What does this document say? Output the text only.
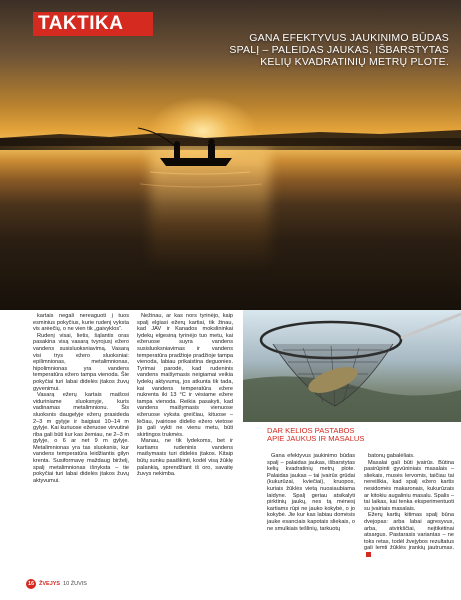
TAKTIKA
GANA EFEKTYVUS JAUKINIMO BŪDAS SPALĮ – PALEIDAS JAUKAS, IŠBARSTYTAS KELIŲ KVADRATINIŲ METRŲ PLOTE.

kartais negali nereaguoti į tuos esminius pokyčius, kurie rudenį vyksta vis arėečių, o ne vien tik „gaivyklos“.

Rudenį visai, lietis, šąlantis oras pasakina visą vasarą tvyrojusį ežero vandens susisluoksniavimą. Vasarą visi trys ežero sluoksniai: epilimnionas, metalimnionas, hipolimnionas yra vandens temperatūra ežero tampa vienoda. Šie pokyčiai turi labai didelės įtakos žuvų gyvenimui.

Vasarą ežerų kartais maišosi viduriniame sluoksnyje, kuris vadinamas metalimnionu. Šis sluoksnis daugelyje ežerų prasideda 2–3 m gylyje ir baigiasi 10–14 m gylyje. Kai kuriuose ežeruose virvutinė riba gali būti kur kas žemiau, ne 2–3 m gylyje, o 6 ar net 9 m gylyje. Metalimnionas yra tas sluoksnis, kur vandens temperatūra leidžiantis gilyn krenta. Susiformavę maždaug birželį, spalį metalimnionas išnyksta – tie pokyčiai turi labai didelės įtakos žuvų aktyvumui.

Nežinau, ar kas nors tyrinėjo, kaip spalį elgiasi ežerų kartiai, tik žinau, kad JAV ir Kanados mokslininkai lydekų elgesiną tyrinėjo tuo metu, kai ežeruose suyra vandens susisluoksniavimas ir vandens temperatūra pradžioje pradžioje tampa vienoda, labiau prikaistina deguonies. Tyrimai parodė, kad rudeninis vandens maišymasis neigiamai veikia lydekų aktyvumą, jos atkunta tik tada, kai vandens temperatūra ežere nukrenta iki 13 °C ir vėsiame ežere tampa vienoda. Reikia pasakyti, kad vandens maišymasis vienuose ežeruose vyksta greičiau, kituose – lėčiau, įvairiose didelio ežero vietose jis gali vykti ne vienu metu, būti skirtingos trukmės.

Manau, ne tik lydekoms, bet ir kartiams rudeninis vandens maišymasis turi didelės įtakos. Kitaip būtų sunku paaiškinti, kodėl visą žūklę palankią, sprendžiant iš oro, savaitę žuvys nekimba.

DAR KELIOS PASTABOS APIE JAUKUS IR MASALUS

Gana efektyvus jaukinimo būdas spalį – palaidas jaukas, išbarstytas kelių kvadratinių metrų plote. Palaidas jaukas – tai įvairūs grūdai (kukurūzai, kviečiai), kruopos, kuriais žūklės vietą nuosiaubiama laidyne. Spalį geriau atsikalyti pirktinių jaukų, nes tą mėnesį kartiams rūpi ne jauko kokybė, o jo kokybė. Jie kur kas labiau domėsis jauke esanciais kapotais sliekais, o ne smulkiais tešlinių, tarkuotų

batonų gabalėliais.

Masalai gali būti įvairūs. Būtina pasirūpinti gyvūniniais masalais – sliekais, musės lervomis, taičiau tai nereiškia, kad spalį ežero kartis nesidomės makaronais, kukurūzais ar kitokiu augaliniu masalu. Spalis – tai laikas, kai tenka eksperimentuoti su įvairiais masalais.

Ežerų kartių kitimas spalį būna dvejopas: arba labai agresyvus, arba, atvirkščiai, neįtikėtinai atsargus. Pastarasis variantas – ne toks retas, todėl žvejybos rezultatus gali lemti žūklės įrankių jautrumas.

16 ŽVEJYS 10 ŽUVIS
